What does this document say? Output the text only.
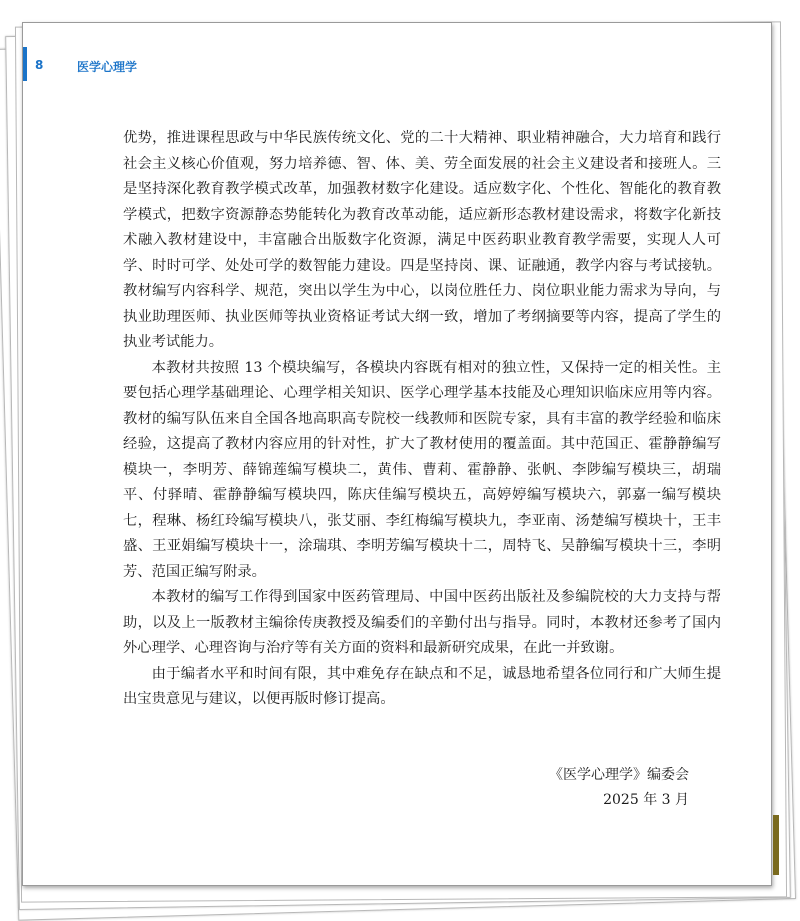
8	医学心理学

优势，推进课程思政与中华民族传统文化、党的二十大精神、职业精神融合，大力培育和践行社会主义核心价值观，努力培养德、智、体、美、劳全面发展的社会主义建设者和接班人。三是坚持深化教育教学模式改革，加强教材数字化建设。适应数字化、个性化、智能化的教育教学模式，把数字资源静态势能转化为教育改革动能，适应新形态教材建设需求，将数字化新技术融入教材建设中，丰富融合出版数字化资源，满足中医药职业教育教学需要，实现人人可学、时时可学、处处可学的数智能力建设。四是坚持岗、课、证融通，教学内容与考试接轨。教材编写内容科学、规范，突出以学生为中心，以岗位胜任力、岗位职业能力需求为导向，与执业助理医师、执业医师等执业资格证考试大纲一致，增加了考纲摘要等内容，提高了学生的执业考试能力。

本教材共按照 13 个模块编写，各模块内容既有相对的独立性，又保持一定的相关性。主要包括心理学基础理论、心理学相关知识、医学心理学基本技能及心理知识临床应用等内容。教材的编写队伍来自全国各地高职高专院校一线教师和医院专家，具有丰富的教学经验和临床经验，这提高了教材内容应用的针对性，扩大了教材使用的覆盖面。其中范国正、霍静静编写模块一，李明芳、薛锦莲编写模块二，黄伟、曹莉、霍静静、张帆、李陟编写模块三，胡瑞平、付驿晴、霍静静编写模块四，陈庆佳编写模块五，高婷婷编写模块六，郭嘉一编写模块七，程琳、杨红玲编写模块八，张艾丽、李红梅编写模块九，李亚南、汤楚编写模块十，王丰盛、王亚娟编写模块十一，涂瑞琪、李明芳编写模块十二，周特飞、吴静编写模块十三，李明芳、范国正编写附录。

本教材的编写工作得到国家中医药管理局、中国中医药出版社及参编院校的大力支持与帮助，以及上一版教材主编徐传庚教授及编委们的辛勤付出与指导。同时，本教材还参考了国内外心理学、心理咨询与治疗等有关方面的资料和最新研究成果，在此一并致谢。

由于编者水平和时间有限，其中难免存在缺点和不足，诚恳地希望各位同行和广大师生提出宝贵意见与建议，以便再版时修订提高。

《医学心理学》编委会
2025 年 3 月
